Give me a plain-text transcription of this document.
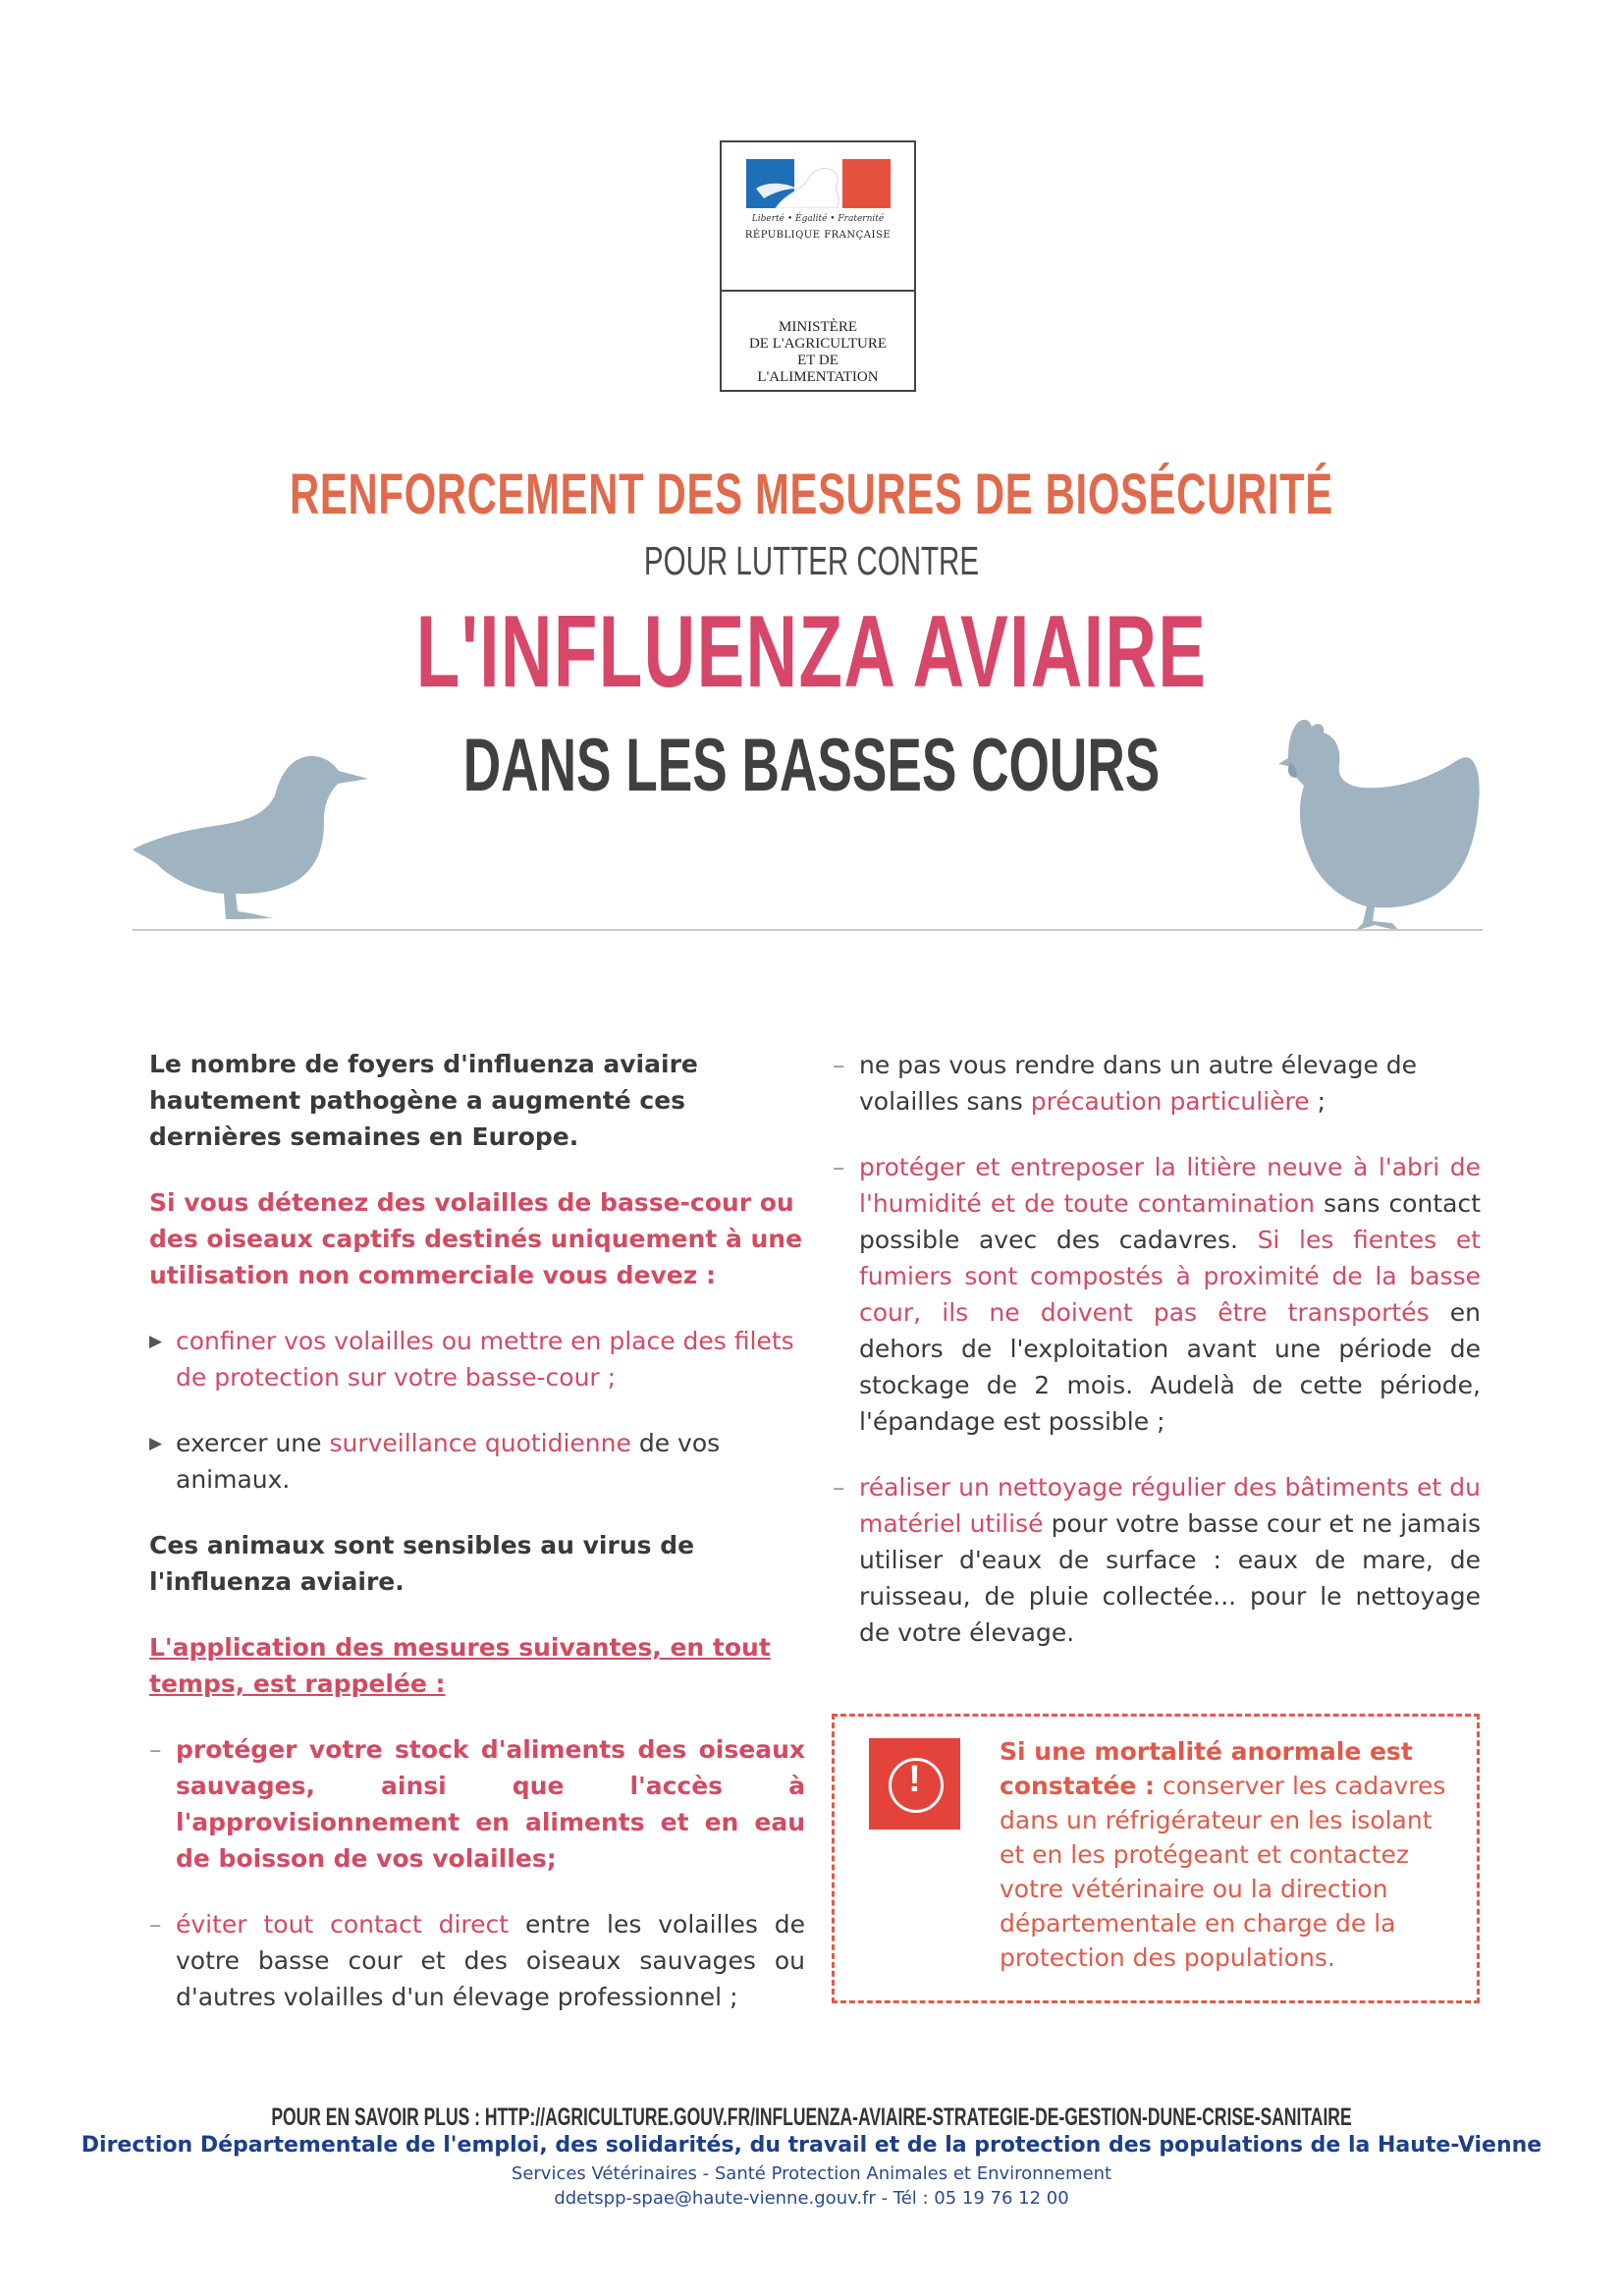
Liberté • Égalité • Fraternité
RÉPUBLIQUE FRANÇAISE
MINISTÈRE
DE L'AGRICULTURE
ET DE
L'ALIMENTATION
RENFORCEMENT DES MESURES DE BIOSÉCURITÉ
POUR LUTTER CONTRE
L'INFLUENZA AVIAIRE
DANS LES BASSES COURS

Le nombre de foyers d'influenza aviaire hautement pathogène a augmenté ces dernières semaines en Europe.

Si vous détenez des volailles de basse-cour ou des oiseaux captifs destinés uniquement à une utilisation non commerciale vous devez :

▶ confiner vos volailles ou mettre en place des filets de protection sur votre basse-cour ;
▶ exercer une surveillance quotidienne de vos animaux.

Ces animaux sont sensibles au virus de l'influenza aviaire.

L'application des mesures suivantes, en tout temps, est rappelée :

– protéger votre stock d'aliments des oiseaux sauvages, ainsi que l'accès à l'approvisionnement en aliments et en eau de boisson de vos volailles;
– éviter tout contact direct entre les volailles de votre basse cour et des oiseaux sauvages ou d'autres volailles d'un élevage professionnel ;
– ne pas vous rendre dans un autre élevage de volailles sans précaution particulière ;
– protéger et entreposer la litière neuve à l'abri de l'humidité et de toute contamination sans contact possible avec des cadavres. Si les fientes et fumiers sont compostés à proximité de la basse cour, ils ne doivent pas être transportés en dehors de l'exploitation avant une période de stockage de 2 mois. Audelà de cette période, l'épandage est possible ;
– réaliser un nettoyage régulier des bâtiments et du matériel utilisé pour votre basse cour et ne jamais utiliser d'eaux de surface : eaux de mare, de ruisseau, de pluie collectée... pour le nettoyage de votre élevage.
!
Si une mortalité anormale est constatée : conserver les cadavres dans un réfrigérateur en les isolant et en les protégeant et contactez votre vétérinaire ou la direction départementale en charge de la protection des populations.
POUR EN SAVOIR PLUS : HTTP://AGRICULTURE.GOUV.FR/INFLUENZA-AVIAIRE-STRATEGIE-DE-GESTION-DUNE-CRISE-SANITAIRE
Direction Départementale de l'emploi, des solidarités, du travail et de la protection des populations de la Haute-Vienne
Services Vétérinaires - Santé Protection Animales et Environnement
ddetspp-spae@haute-vienne.gouv.fr - Tél : 05 19 76 12 00
